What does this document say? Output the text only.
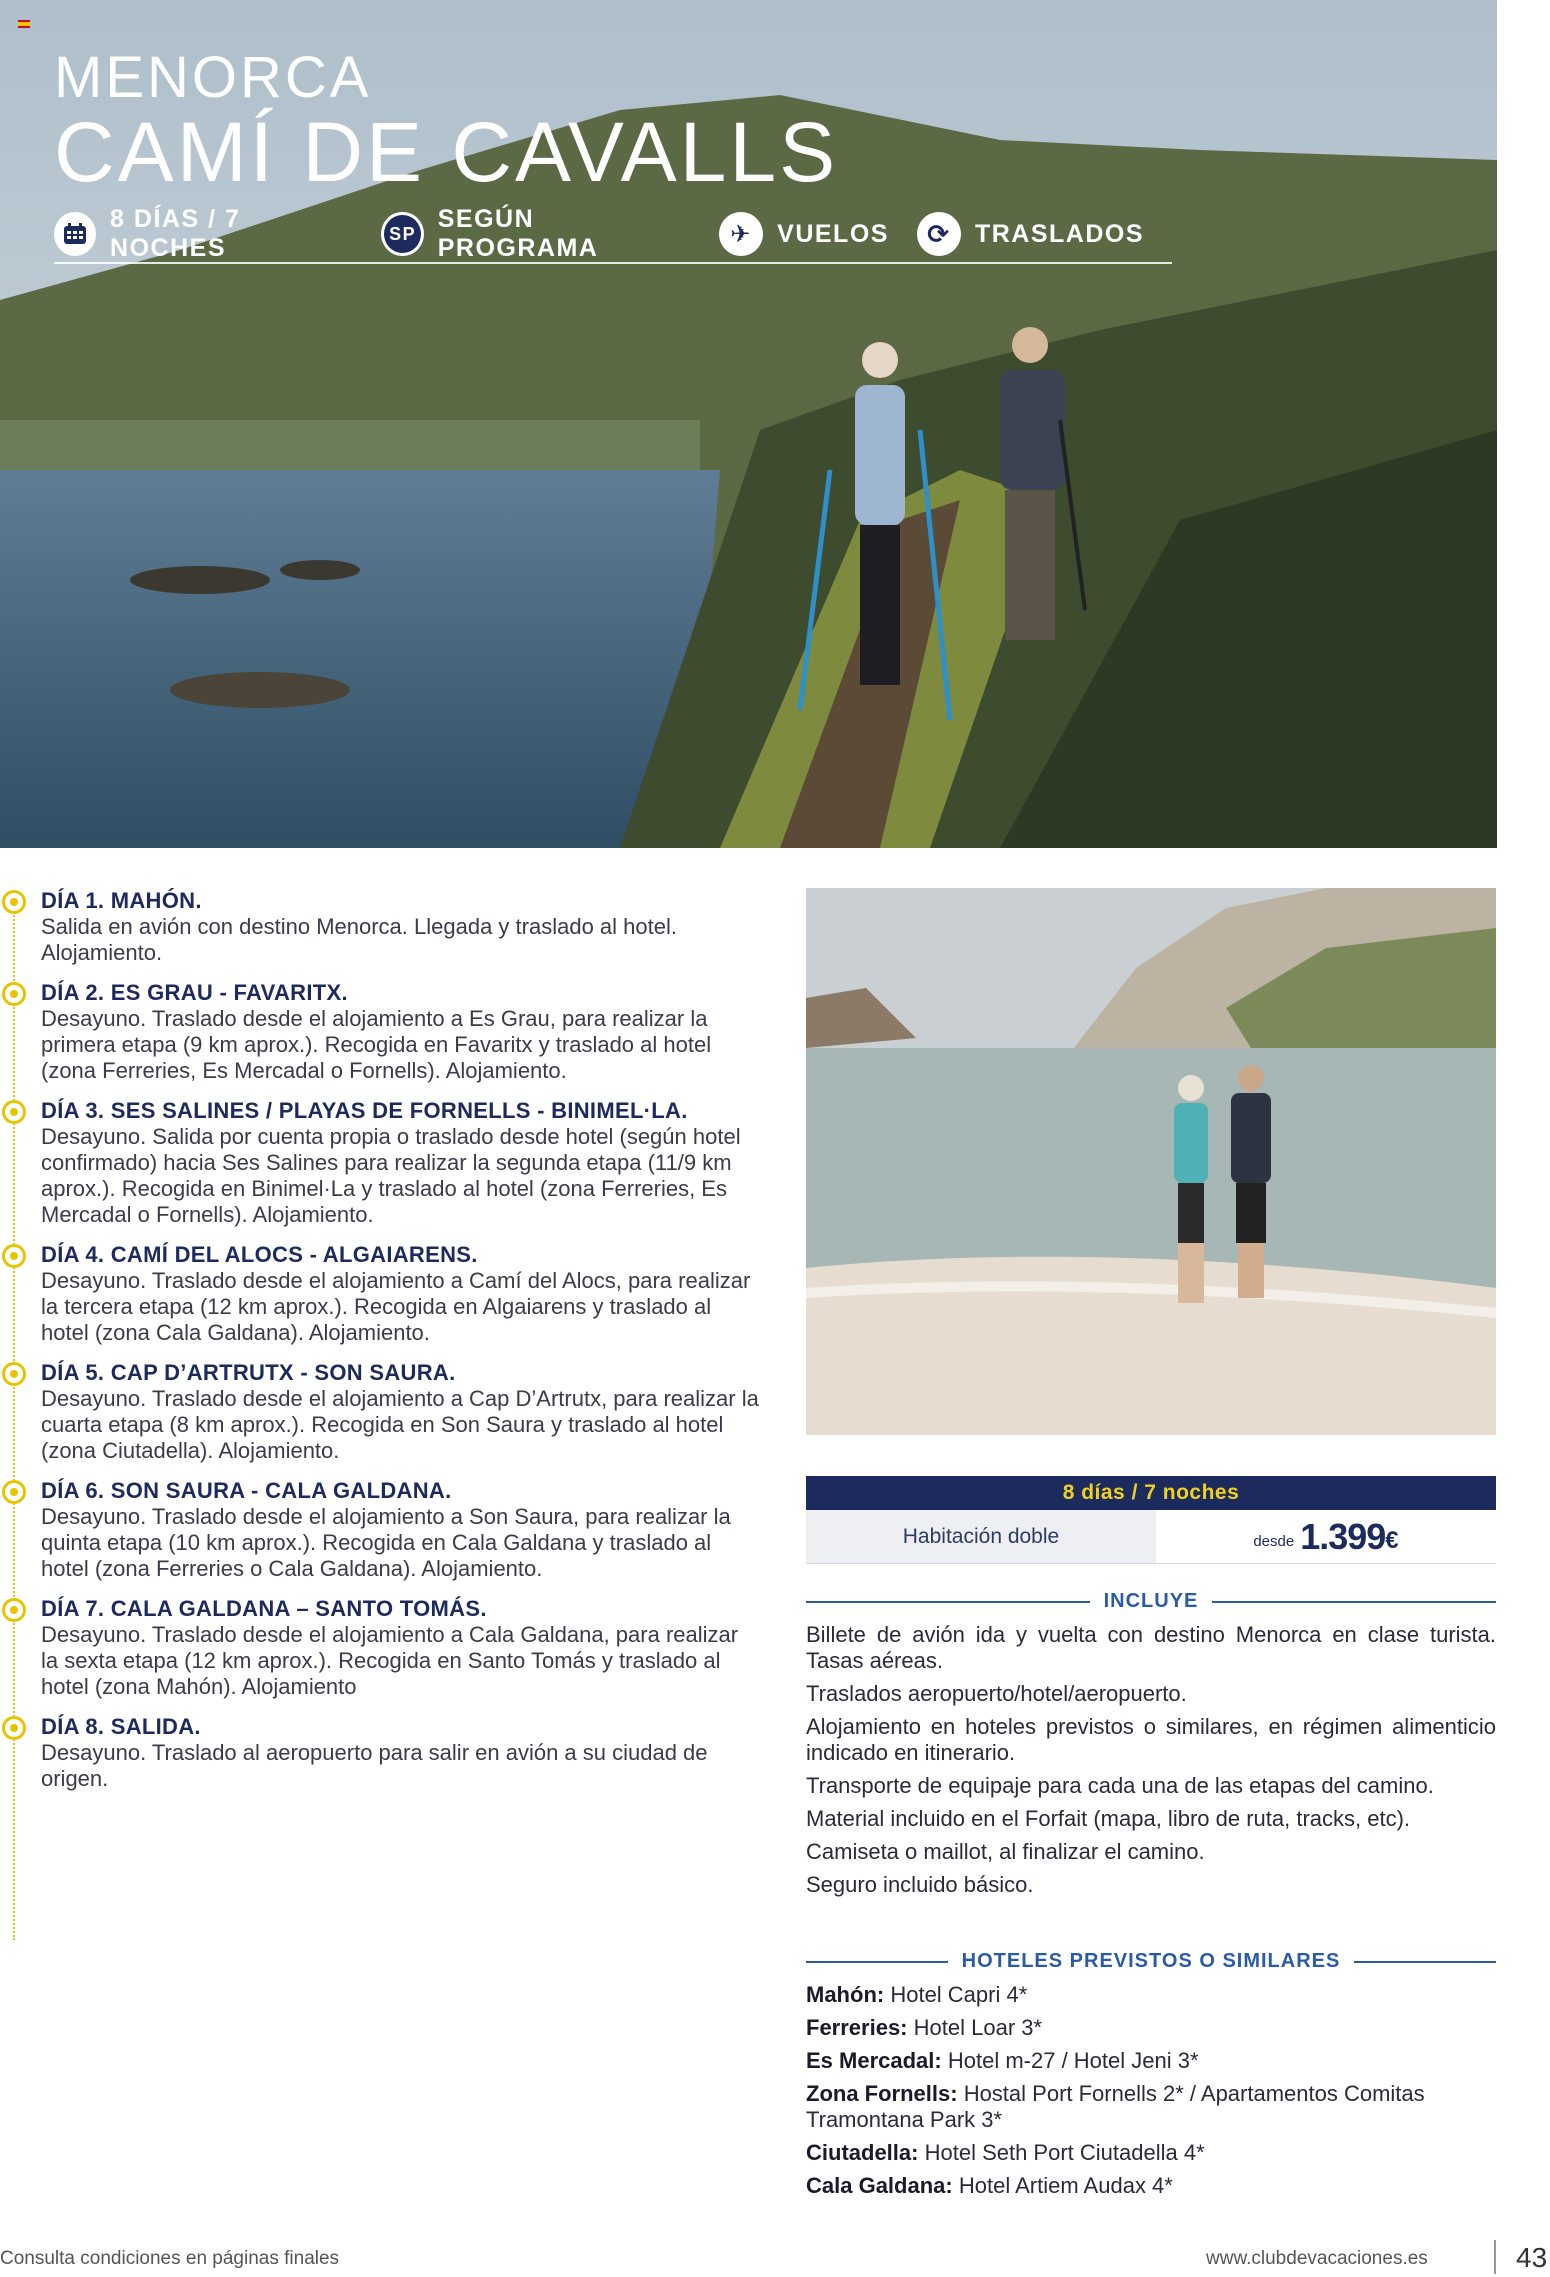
MENORCA
CAMÍ DE CAVALLS
8 DÍAS / 7 NOCHES
SP
SEGÚN PROGRAMA	✈	VUELOS	⟳ TRASLADOS
DÍA 1. MAHÓN.

Salida en avión con destino Menorca. Llegada y traslado al hotel. Alojamiento.

DÍA 2. ES GRAU - FAVARITX.

Desayuno. Traslado desde el alojamiento a Es Grau, para realizar la primera etapa (9 km aprox.). Recogida en Favaritx y traslado al hotel (zona Ferreries, Es Mercadal o Fornells). Alojamiento.

DÍA 3. SES SALINES / PLAYAS DE FORNELLS - BINIMEL·LA.

Desayuno. Salida por cuenta propia o traslado desde hotel (según hotel confirmado) hacia Ses Salines para realizar la segunda etapa (11/9 km aprox.). Recogida en Binimel·La y traslado al hotel (zona Ferreries, Es Mercadal o Fornells). Alojamiento.

DÍA 4. CAMÍ DEL ALOCS - ALGAIARENS.

Desayuno. Traslado desde el alojamiento a Camí del Alocs, para realizar la tercera etapa (12 km aprox.). Recogida en Algaiarens y traslado al hotel (zona Cala Galdana). Alojamiento.

DÍA 5. CAP D’ARTRUTX - SON SAURA.

Desayuno. Traslado desde el alojamiento a Cap D’Artrutx, para realizar la cuarta etapa (8 km aprox.). Recogida en Son Saura y traslado al hotel (zona Ciutadella). Alojamiento.

DÍA 6. SON SAURA - CALA GALDANA.

Desayuno. Traslado desde el alojamiento a Son Saura, para realizar la quinta etapa (10 km aprox.). Recogida en Cala Galdana y traslado al hotel (zona Ferreries o Cala Galdana). Alojamiento.

DÍA 7. CALA GALDANA – SANTO TOMÁS.

Desayuno. Traslado desde el alojamiento a Cala Galdana, para realizar la sexta etapa (12 km aprox.). Recogida en Santo Tomás y traslado al hotel (zona Mahón). Alojamiento

DÍA 8. SALIDA.

Desayuno. Traslado al aeropuerto para salir en avión a su ciudad de origen.

8 días / 7 noches
Habitación doble	desde 1.399 €
INCLUYE

Billete de avión ida y vuelta con destino Menorca en clase turista. Tasas aéreas.

Traslados aeropuerto/hotel/aeropuerto.

Alojamiento en hoteles previstos o similares, en régimen alimenticio indicado en itinerario.

Transporte de equipaje para cada una de las etapas del camino.

Material incluido en el Forfait (mapa, libro de ruta, tracks, etc).

Camiseta o maillot, al finalizar el camino.

Seguro incluido básico.

HOTELES PREVISTOS O SIMILARES

Mahón: Hotel Capri 4*

Ferreries: Hotel Loar 3*

Es Mercadal: Hotel m-27 / Hotel Jeni 3*

Zona Fornells: Hostal Port Fornells 2* / Apartamentos Comitas Tramontana Park 3*

Ciutadella: Hotel Seth Port Ciutadella 4*

Cala Galdana: Hotel Artiem Audax 4*

Consulta condiciones en páginas finales	www.clubdevacaciones.es	43
